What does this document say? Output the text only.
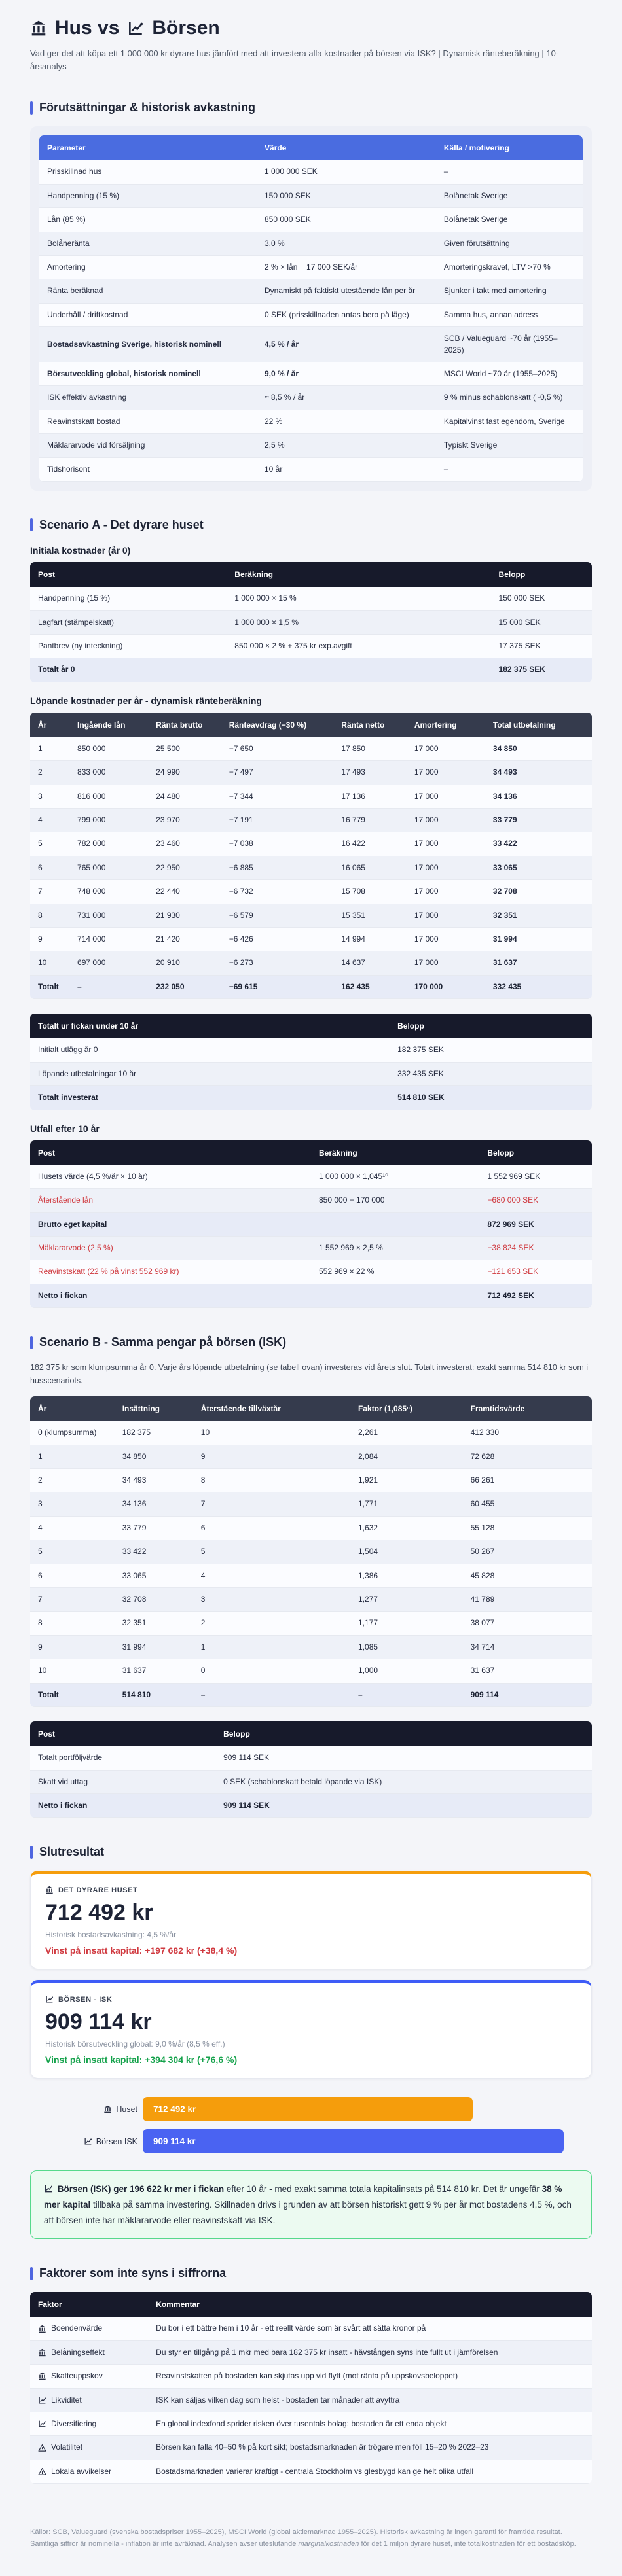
Hus vs Börsen

Vad ger det att köpa ett 1 000 000 kr dyrare hus jämfört med att investera alla kostnader på börsen via ISK? | Dynamisk ränteberäkning | 10-årsanalys

Förutsättningar & historisk avkastning
Parameter	Värde	Källa / motivering
Prisskillnad hus	1 000 000 SEK	–
Handpenning (15 %)	150 000 SEK	Bolånetak Sverige
Lån (85 %)	850 000 SEK	Bolånetak Sverige
Bolåneränta	3,0 %	Given förutsättning
Amortering	2 % × lån = 17 000 SEK/år	Amorteringskravet, LTV >70 %
Ränta beräknad	Dynamiskt på faktiskt utestående lån per år	Sjunker i takt med amortering
Underhåll / driftkostnad	0 SEK (prisskillnaden antas bero på läge)	Samma hus, annan adress
Bostadsavkastning Sverige, historisk nominell	4,5 % / år	SCB / Valueguard ~70 år (1955–2025)
Börsutveckling global, historisk nominell	9,0 % / år	MSCI World ~70 år (1955–2025)
ISK effektiv avkastning	≈ 8,5 % / år	9 % minus schablonskatt (~0,5 %)
Reavinstskatt bostad	22 %	Kapitalvinst fast egendom, Sverige
Mäklararvode vid försäljning	2,5 %	Typiskt Sverige
Tidshorisont	10 år	–
Scenario A - Det dyrare huset
Initiala kostnader (år 0)
Post	Beräkning	Belopp
Handpenning (15 %)	1 000 000 × 15 %	150 000 SEK
Lagfart (stämpelskatt)	1 000 000 × 1,5 %	15 000 SEK
Pantbrev (ny inteckning)	850 000 × 2 % + 375 kr exp.avgift	17 375 SEK
Totalt år 0		182 375 SEK
Löpande kostnader per år - dynamisk ränteberäkning
År	Ingående lån	Ränta brutto	Ränteavdrag (−30 %)	Ränta netto	Amortering	Total utbetalning
1	850 000	25 500	−7 650	17 850	17 000	34 850
2	833 000	24 990	−7 497	17 493	17 000	34 493
3	816 000	24 480	−7 344	17 136	17 000	34 136
4	799 000	23 970	−7 191	16 779	17 000	33 779
5	782 000	23 460	−7 038	16 422	17 000	33 422
6	765 000	22 950	−6 885	16 065	17 000	33 065
7	748 000	22 440	−6 732	15 708	17 000	32 708
8	731 000	21 930	−6 579	15 351	17 000	32 351
9	714 000	21 420	−6 426	14 994	17 000	31 994
10	697 000	20 910	−6 273	14 637	17 000	31 637
Totalt	–	232 050	−69 615	162 435	170 000	332 435
Totalt ur fickan under 10 år	Belopp
Initialt utlägg år 0	182 375 SEK
Löpande utbetalningar 10 år	332 435 SEK
Totalt investerat	514 810 SEK
Utfall efter 10 år
Post	Beräkning	Belopp
Husets värde (4,5 %/år × 10 år)	1 000 000 × 1,045¹⁰	1 552 969 SEK
Återstående lån	850 000 − 170 000	−680 000 SEK
Brutto eget kapital		872 969 SEK
Mäklararvode (2,5 %)	1 552 969 × 2,5 %	−38 824 SEK
Reavinstskatt (22 % på vinst 552 969 kr)	552 969 × 22 %	−121 653 SEK
Netto i fickan		712 492 SEK
Scenario B - Samma pengar på börsen (ISK)

182 375 kr som klumpsumma år 0. Varje års löpande utbetalning (se tabell ovan) investeras vid årets slut. Totalt investerat: exakt samma 514 810 kr som i husscenariots.

År	Insättning	Återstående tillväxtår	Faktor (1,085ⁿ)	Framtidsvärde
0 (klumpsumma)	182 375	10	2,261	412 330
1	34 850	9	2,084	72 628
2	34 493	8	1,921	66 261
3	34 136	7	1,771	60 455
4	33 779	6	1,632	55 128
5	33 422	5	1,504	50 267
6	33 065	4	1,386	45 828
7	32 708	3	1,277	41 789
8	32 351	2	1,177	38 077
9	31 994	1	1,085	34 714
10	31 637	0	1,000	31 637
Totalt	514 810	–	–	909 114
Post	Belopp
Totalt portföljvärde	909 114 SEK
Skatt vid uttag	0 SEK (schablonskatt betald löpande via ISK)
Netto i fickan	909 114 SEK
Slutresultat
DET DYRARE HUSET
712 492 kr
Historisk bostadsavkastning: 4,5 %/år
Vinst på insatt kapital: +197 682 kr (+38,4 %)
BÖRSEN - ISK
909 114 kr
Historisk börsutveckling global: 9,0 %/år (8,5 % eff.)
Vinst på insatt kapital: +394 304 kr (+76,6 %)
Huset	712 492 kr
Börsen ISK	909 114 kr
Börsen (ISK) ger 196 622 kr mer i fickan efter 10 år - med exakt samma totala kapitalinsats på 514 810 kr. Det är ungefär 38 % mer kapital tillbaka på samma investering. Skillnaden drivs i grunden av att börsen historiskt gett 9 % per år mot bostadens 4,5 %, och att börsen inte har mäklararvode eller reavinstskatt via ISK.
Faktorer som inte syns i siffrorna
Faktor	Kommentar

Boendenvärde	Du bor i ett bättre hem i 10 år - ett reellt värde som är svårt att sätta kronor på

Belåningseffekt	Du styr en tillgång på 1 mkr med bara 182 375 kr insatt - hävstången syns inte fullt ut i jämförelsen

Skatteuppskov	Reavinstskatten på bostaden kan skjutas upp vid flytt (mot ränta på uppskovsbeloppet)

Likviditet	ISK kan säljas vilken dag som helst - bostaden tar månader att avyttra

Diversifiering	En global indexfond sprider risken över tusentals bolag; bostaden är ett enda objekt

Volatilitet	Börsen kan falla 40–50 % på kort sikt; bostadsmarknaden är trögare men föll 15–20 % 2022–23

Lokala avvikelser	Bostadsmarknaden varierar kraftigt - centrala Stockholm vs glesbygd kan ge helt olika utfall
Källor: SCB, Valueguard (svenska bostadspriser 1955–2025), MSCI World (global aktiemarknad 1955–2025). Historisk avkastning är ingen garanti för framtida resultat. Samtliga siffror är nominella - inflation är inte avräknad. Analysen avser uteslutande marginalkostnaden för det 1 miljon dyrare huset, inte totalkostnaden för ett bostadsköp.
